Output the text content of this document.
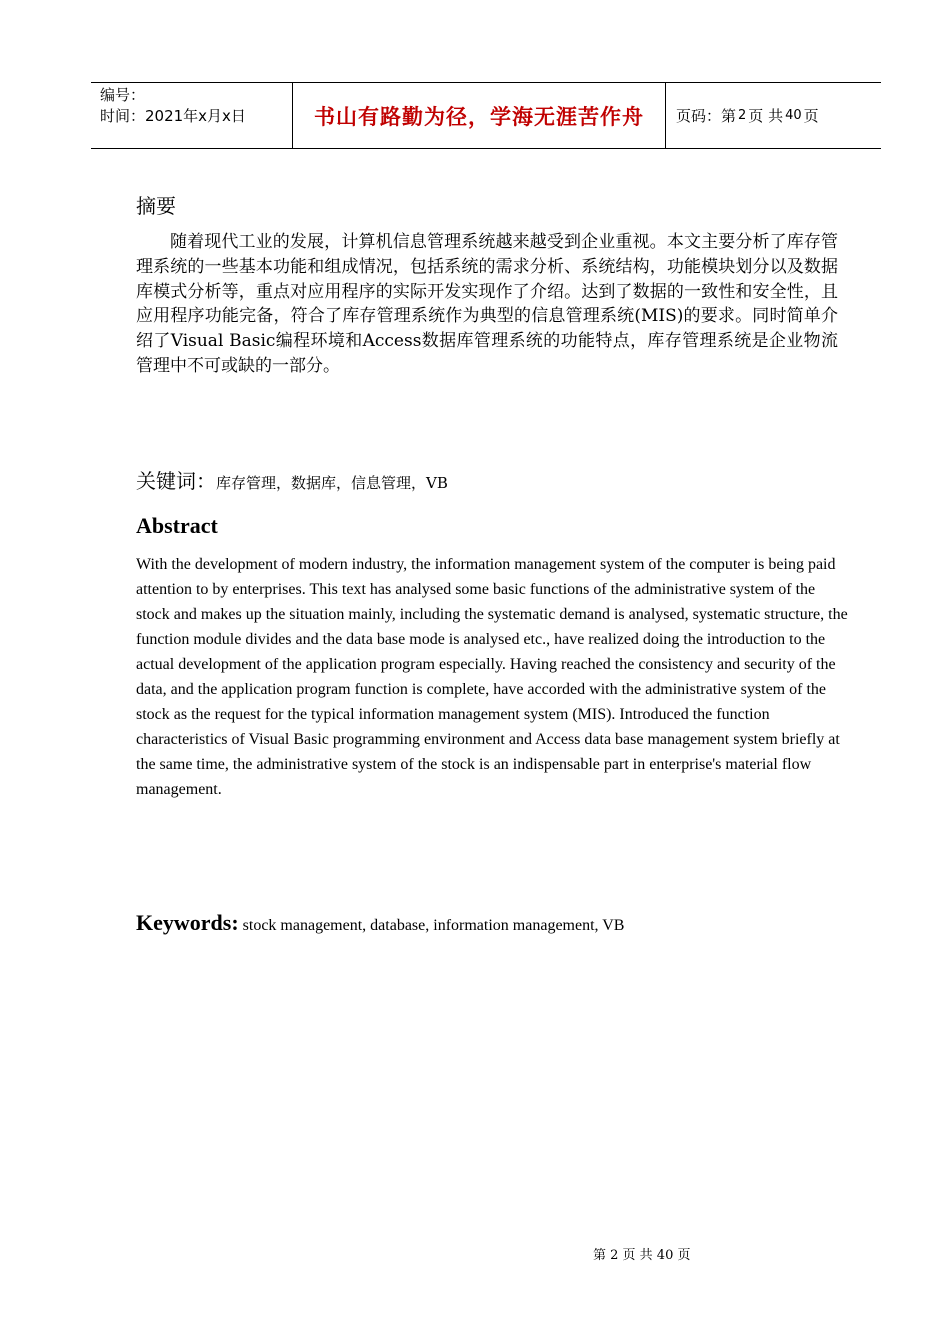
编号：
时间：2021年x月x日	书山有路勤为径，学海无涯苦作舟	页码：第 2 页 共 40 页
摘要
随着现代工业的发展，计算机信息管理系统越来越受到企业重视。本文主要分析了库存管理系统的一些基本功能和组成情况，包括系统的需求分析、系统结构，功能模块划分以及数据库模式分析等，重点对应用程序的实际开发实现作了介绍。达到了数据的一致性和安全性，且应用程序功能完备，符合了库存管理系统作为典型的信息管理系统(MIS)的要求。同时简单介绍了Visual Basic编程环境和Access数据库管理系统的功能特点，库存管理系统是企业物流管理中不可或缺的一部分。
关键词：库存管理，数据库，信息管理，VB
Abstract
With the development of modern industry, the information management system of the computer is being paid attention to by enterprises. This text has analysed some basic functions of the administrative system of the stock and makes up the situation mainly, including the systematic demand is analysed, systematic structure, the function module divides and the data base mode is analysed etc., have realized doing the introduction to the actual development of the application program especially. Having reached the consistency and security of the data, and the application program function is complete, have accorded with the administrative system of the stock as the request for the typical information management system (MIS). Introduced the function characteristics of Visual Basic programming environment and Access data base management system briefly at the same time, the administrative system of the stock is an indispensable part in enterprise's material flow management.
Keywords: stock management, database, information management, VB
第 2 页 共 40 页
